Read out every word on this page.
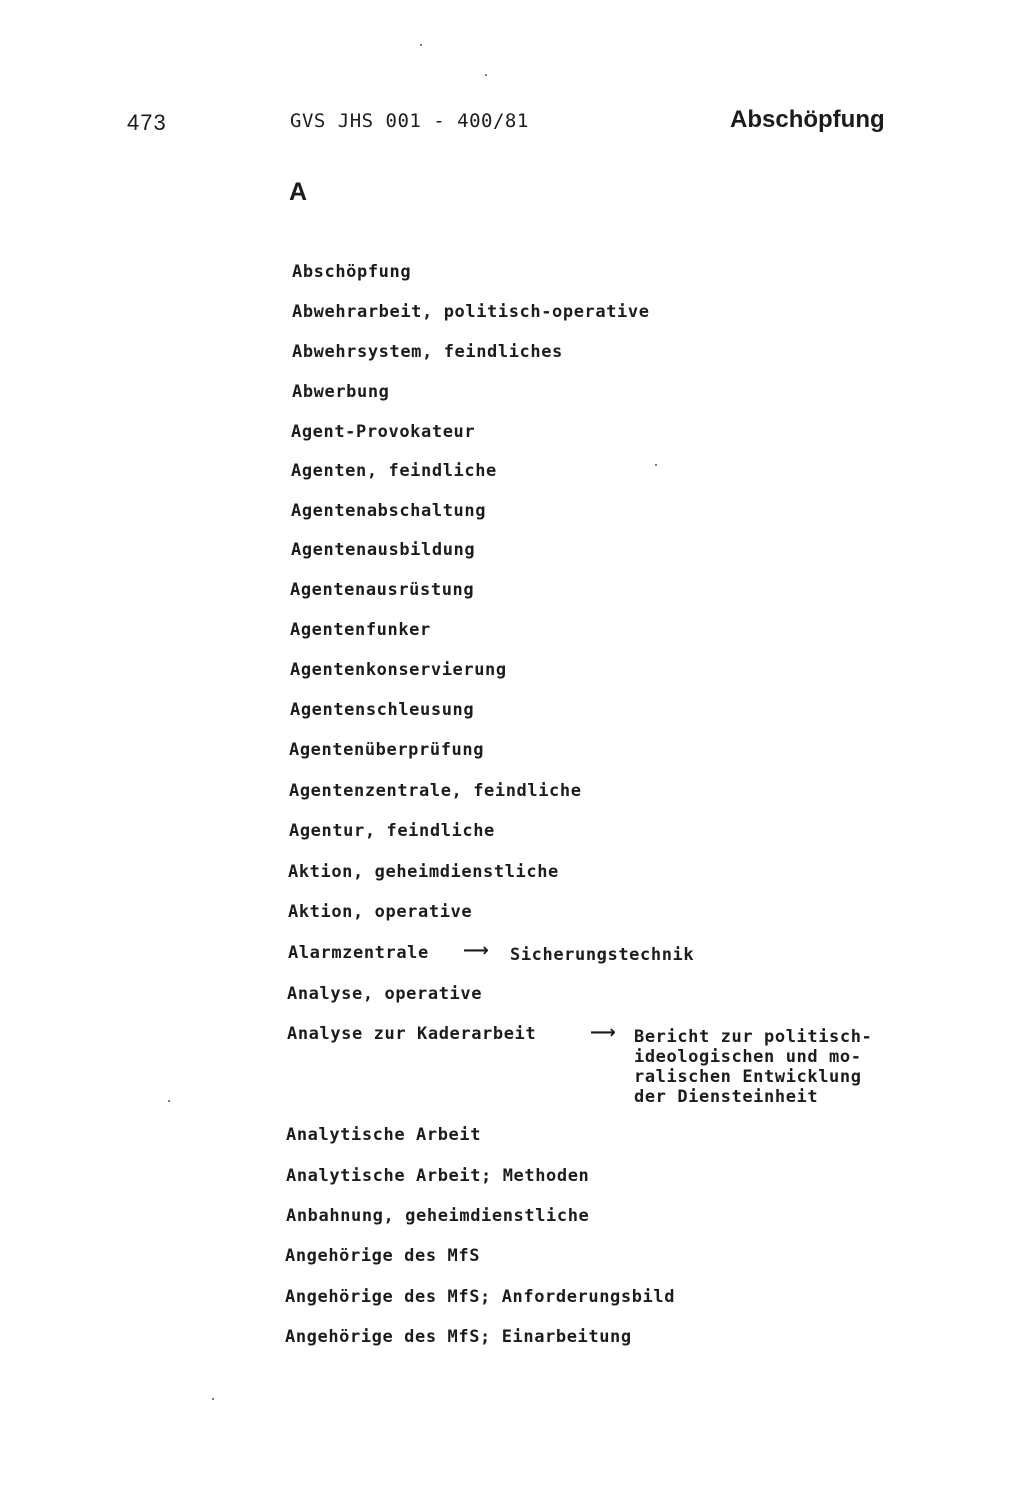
473	GVS JHS 001 - 400/81	Abschöpfung
A
Abschöpfung
Abwehrarbeit, politisch-operative
Abwehrsystem, feindliches
Abwerbung
Agent-Provokateur
Agenten, feindliche
Agentenabschaltung
Agentenausbildung
Agentenausrüstung
Agentenfunker
Agentenkonservierung
Agentenschleusung
Agentenüberprüfung
Agentenzentrale, feindliche
Agentur, feindliche
Aktion, geheimdienstliche
Aktion, operative
Alarmzentrale ⟶ Sicherungstechnik
Analyse, operative
Analyse zur Kaderarbeit	⟶ Bericht zur politisch-
ideologischen und mo-
ralischen Entwicklung
der Diensteinheit
Analytische Arbeit
Analytische Arbeit; Methoden
Anbahnung, geheimdienstliche
Angehörige des MfS
Angehörige des MfS; Anforderungsbild
Angehörige des MfS; Einarbeitung
